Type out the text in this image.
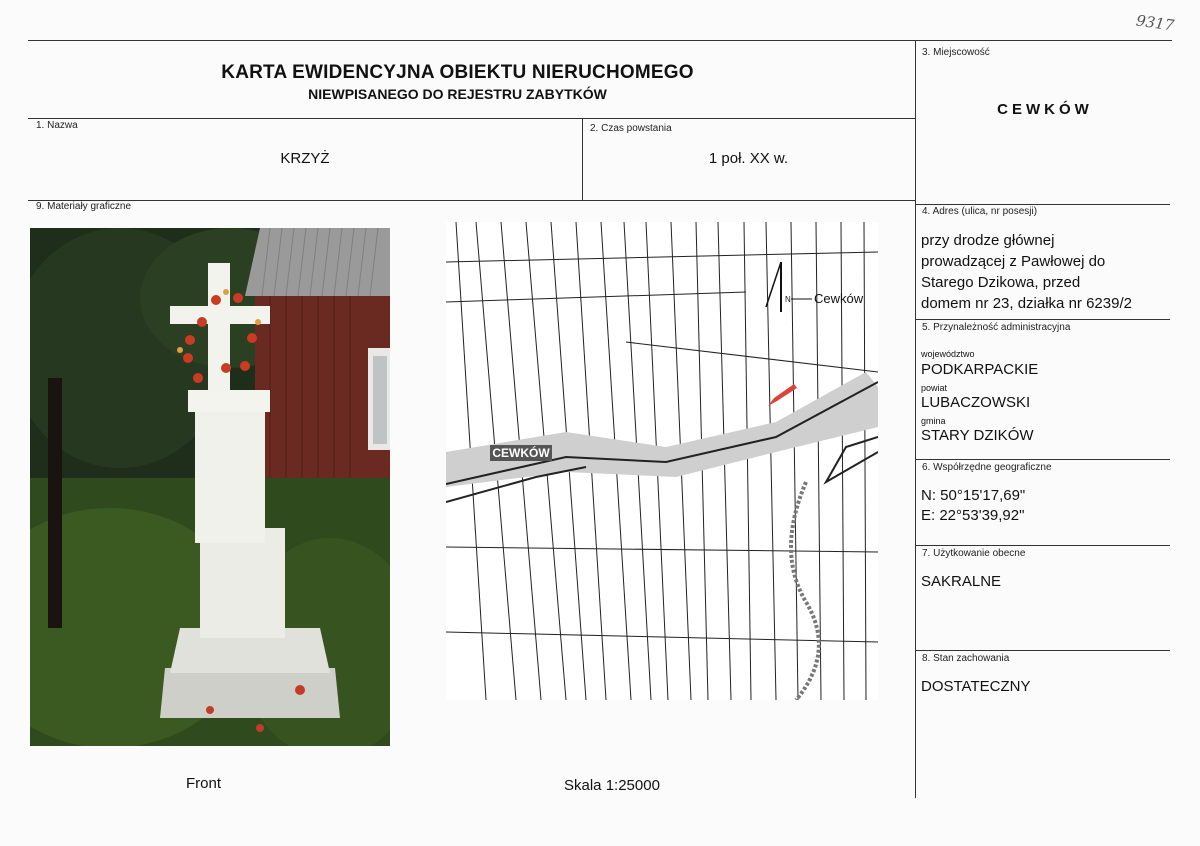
9317
KARTA EWIDENCYJNA OBIEKTU NIERUCHOMEGO
NIEWPISANEGO DO REJESTRU ZABYTKÓW
1. Nazwa
KRZYŻ
2. Czas powstania
1 poł. XX w.
3. Miejscowość
CEWKÓW
4. Adres (ulica, nr posesji)
przy drodze głównej
prowadzącej z Pawłowej do
Starego Dzikowa, przed
domem nr 23, działka nr 6239/2
5. Przynależność administracyjna
województwo
PODKARPACKIE
powiat
LUBACZOWSKI
gmina
STARY DZIKÓW
6. Współrzędne geograficzne
N: 50°15'17,69"
E: 22°53'39,92"
7. Użytkowanie obecne
SAKRALNE
8. Stan zachowania
DOSTATECZNY
9. Materiały graficzne
Front
CEWKÓW
N Cewków
Skala 1:25000
